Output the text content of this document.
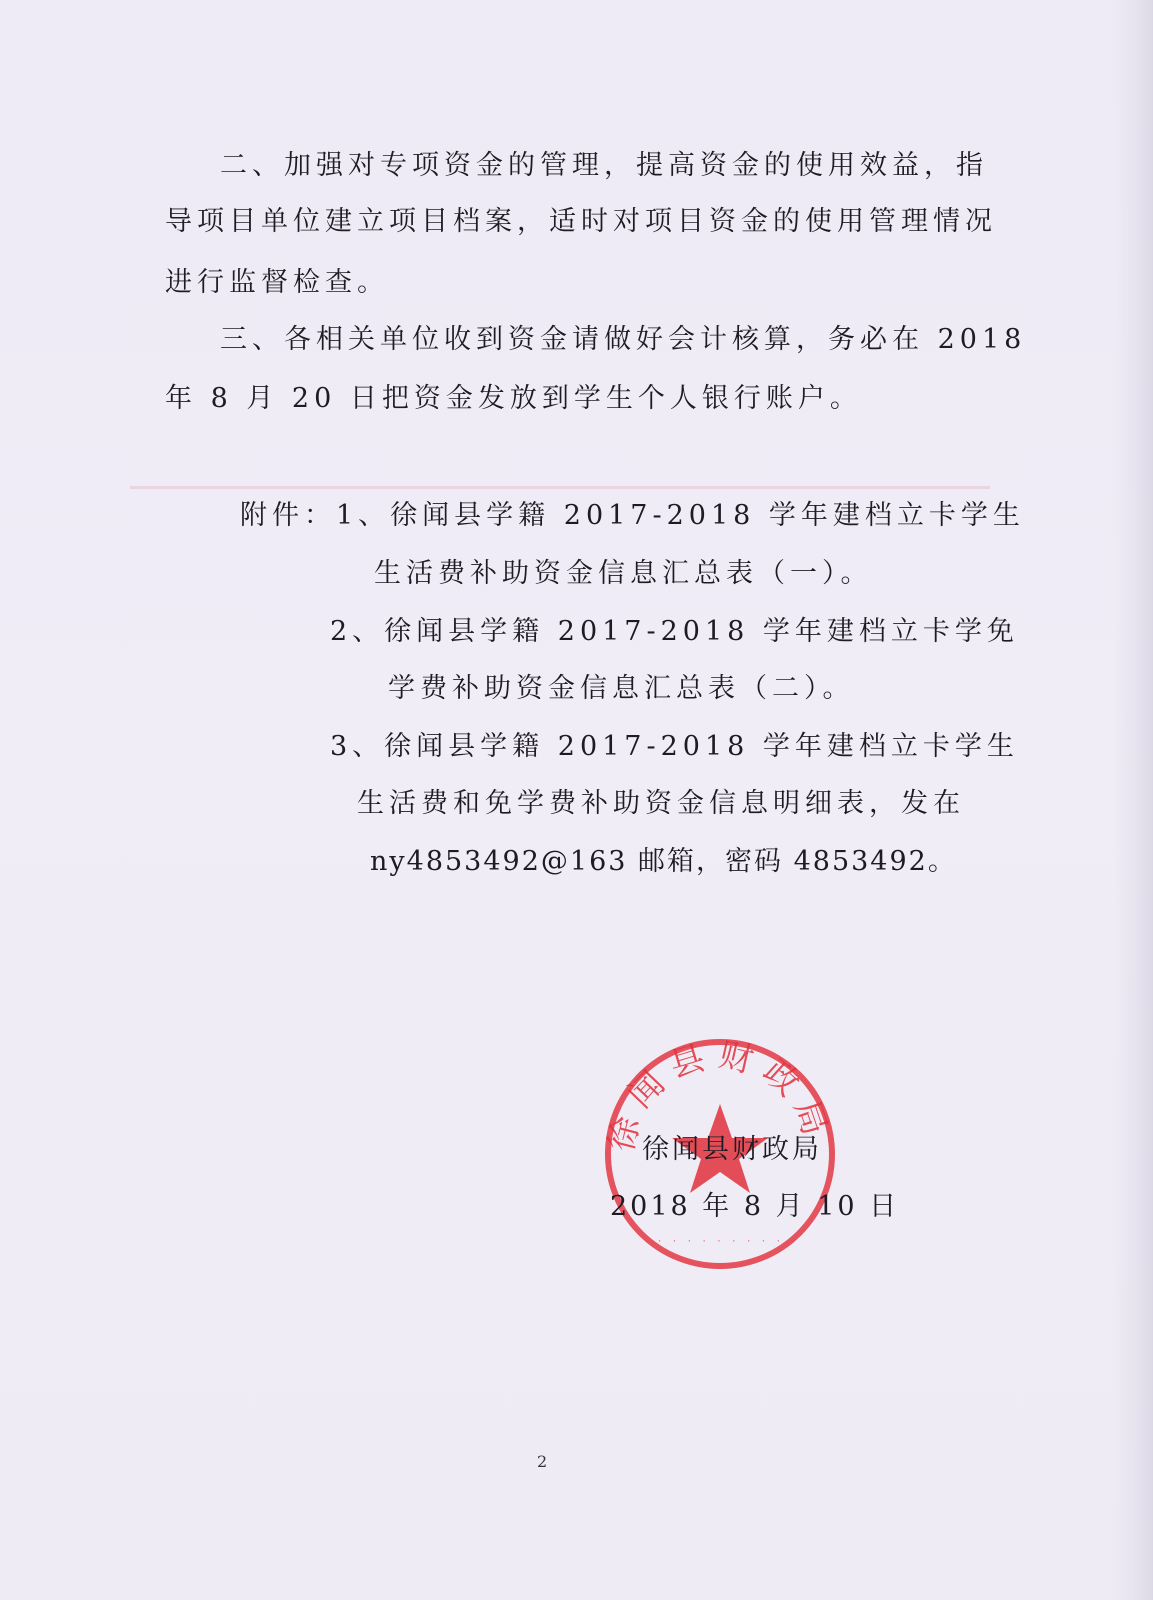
二、加强对专项资金的管理，提高资金的使用效益，指
导项目单位建立项目档案，适时对项目资金的使用管理情况
进行监督检查。
三、各相关单位收到资金请做好会计核算，务必在 2018
年 8 月 20 日把资金发放到学生个人银行账户。
附件：1、徐闻县学籍 2017-2018 学年建档立卡学生
生活费补助资金信息汇总表（一）。
2、徐闻县学籍 2017-2018 学年建档立卡学免
学费补助资金信息汇总表（二）。
3、徐闻县学籍 2017-2018 学年建档立卡学生
生活费和免学费补助资金信息明细表，发在
ny4853492@163 邮箱，密码 4853492。
徐闻县财政局
· · · · · · · · ·
徐闻县财政局
2018 年 8 月 10 日
2
